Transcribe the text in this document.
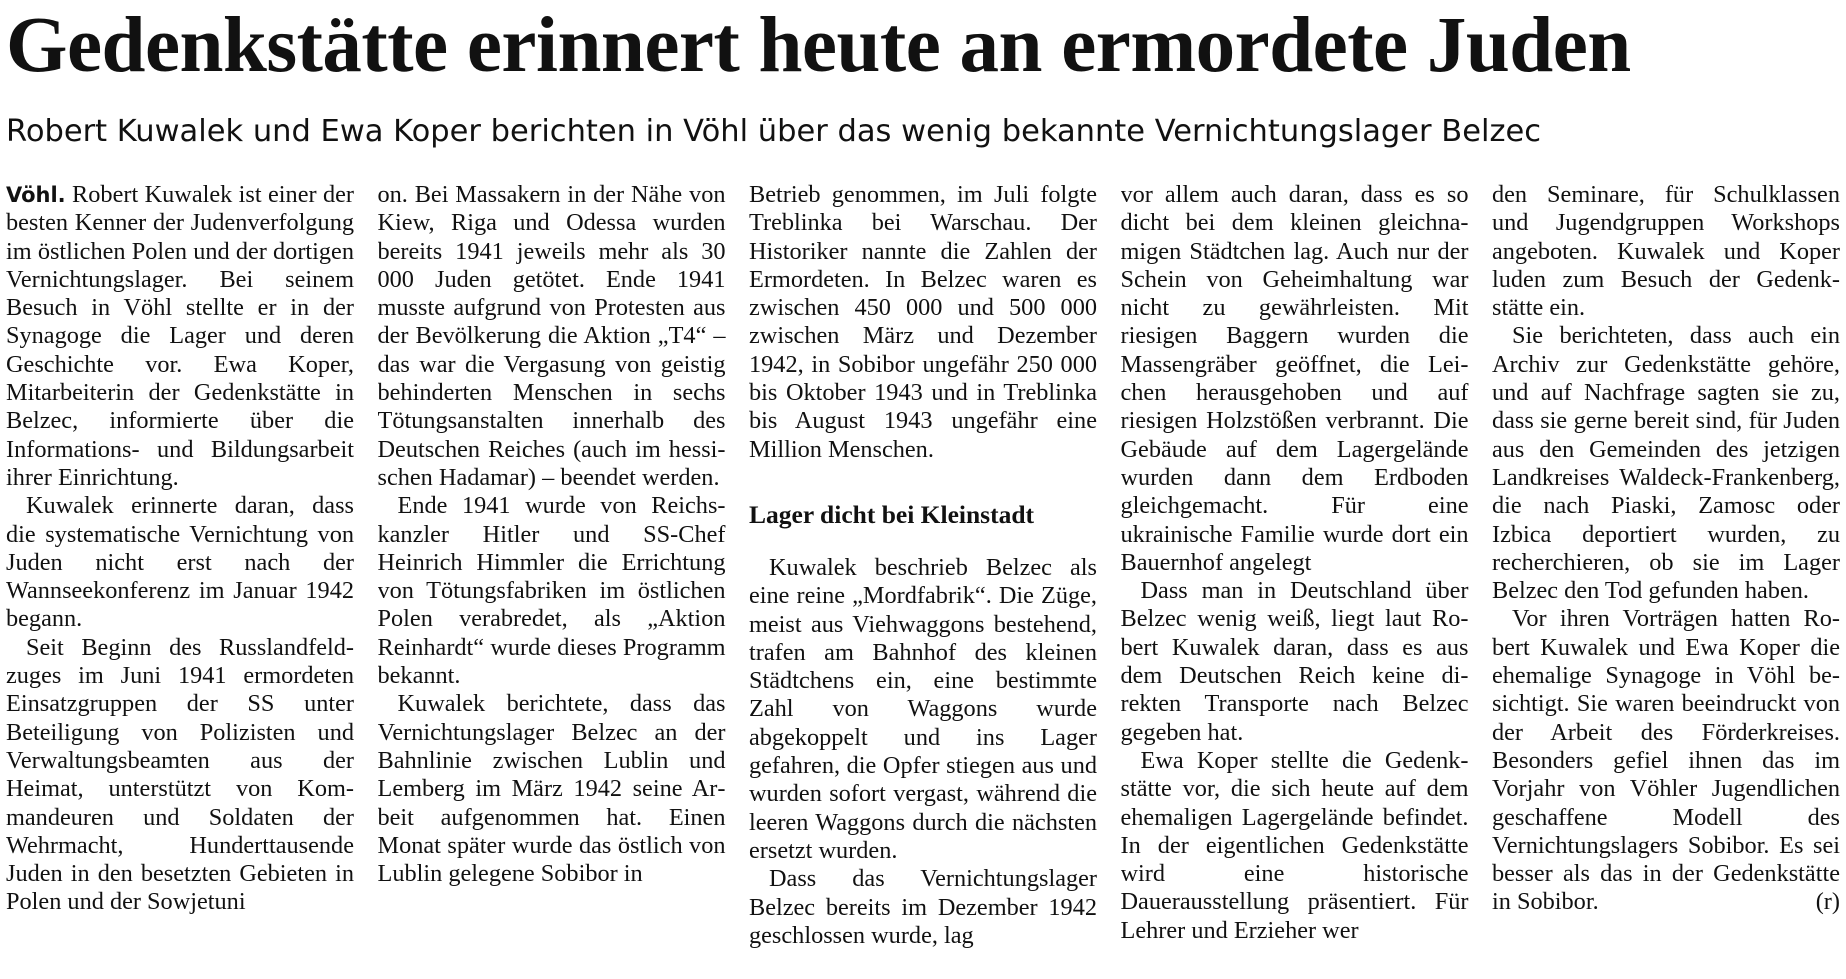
Gedenkstätte erinnert heute an ermordete Juden
Robert Kuwalek und Ewa Koper berichten in Vöhl über das wenig bekannte Vernichtungslager Belzec

Vöhl. Robert Kuwalek ist einer der besten Kenner der Judenverfolgung im östlichen Polen und der dortigen Vernichtungslager. Bei seinem Besuch in Vöhl stellte er in der Synagoge die Lager und deren Geschichte vor. Ewa Koper, Mitarbeiterin der Gedenkstätte in Belzec, informierte über die Informations- und Bildungsarbeit ihrer Einrichtung.

Kuwalek erinnerte daran, dass die systematische Vernichtung von Juden nicht erst nach der Wannseekonferenz im Januar 1942 begann.

Seit Beginn des Russlandfeldzuges im Juni 1941 ermordeten Einsatzgruppen der SS unter Beteiligung von Polizisten und Verwaltungsbeamten aus der Heimat, unterstützt von Kommandeuren und Soldaten der Wehrmacht, Hunderttausende Juden in den besetzten Gebieten in Polen und der Sowjetuni

on. Bei Massakern in der Nähe von Kiew, Riga und Odessa wurden bereits 1941 jeweils mehr als 30 000 Juden getötet. Ende 1941 musste aufgrund von Protesten aus der Bevölkerung die Aktion „T4“ – das war die Vergasung von geistig behinderten Menschen in sechs Tötungsanstalten innerhalb des Deutschen Reiches (auch im hessischen Hadamar) – beendet werden.

Ende 1941 wurde von Reichskanzler Hitler und SS-Chef Heinrich Himmler die Errichtung von Tötungsfabriken im östlichen Polen verabredet, als „Aktion Reinhardt“ wurde dieses Programm bekannt.

Kuwalek berichtete, dass das Vernichtungslager Belzec an der Bahnlinie zwischen Lublin und Lemberg im März 1942 seine Arbeit aufgenommen hat. Einen Monat später wurde das östlich von Lublin gelegene Sobibor in

Betrieb genommen, im Juli folgte Treblinka bei Warschau. Der Historiker nannte die Zahlen der Ermordeten. In Belzec waren es zwischen 450 000 und 500 000 zwischen März und Dezember 1942, in Sobibor ungefähr 250 000 bis Oktober 1943 und in Treblinka bis August 1943 ungefähr eine Million Menschen.

Lager dicht bei Kleinstadt

Kuwalek beschrieb Belzec als eine reine „Mordfabrik“. Die Züge, meist aus Viehwaggons bestehend, trafen am Bahnhof des kleinen Städtchens ein, eine bestimmte Zahl von Waggons wurde abgekoppelt und ins Lager gefahren, die Opfer stiegen aus und wurden sofort vergast, während die leeren Waggons durch die nächsten ersetzt wurden.

Dass das Vernichtungslager Belzec bereits im Dezember 1942 geschlossen wurde, lag

vor allem auch daran, dass es so dicht bei dem kleinen gleichnamigen Städtchen lag. Auch nur der Schein von Geheimhaltung war nicht zu gewährleisten. Mit riesigen Baggern wurden die Massengräber geöffnet, die Leichen herausgehoben und auf riesigen Holzstößen verbrannt. Die Gebäude auf dem Lagergelände wurden dann dem Erdboden gleichgemacht. Für eine ukrainische Familie wurde dort ein Bauernhof angelegt

Dass man in Deutschland über Belzec wenig weiß, liegt laut Robert Kuwalek daran, dass es aus dem Deutschen Reich keine direkten Transporte nach Belzec gegeben hat.

Ewa Koper stellte die Gedenkstätte vor, die sich heute auf dem ehemaligen Lagergelände befindet. In der eigentlichen Gedenkstätte wird eine historische Dauerausstellung präsentiert. Für Lehrer und Erzieher wer

den Seminare, für Schulklassen und Jugendgruppen Workshops angeboten. Kuwalek und Koper luden zum Besuch der Gedenkstätte ein.

Sie berichteten, dass auch ein Archiv zur Gedenkstätte gehöre, und auf Nachfrage sagten sie zu, dass sie gerne bereit sind, für Juden aus den Gemeinden des jetzigen Landkreises Waldeck-Frankenberg, die nach Piaski, Zamosc oder Izbica deportiert wurden, zu recherchieren, ob sie im Lager Belzec den Tod gefunden haben.

Vor ihren Vorträgen hatten Robert Kuwalek und Ewa Koper die ehemalige Synagoge in Vöhl besichtigt. Sie waren beeindruckt von der Arbeit des Förderkreises. Besonders gefiel ihnen das im Vorjahr von Vöhler Jugendlichen geschaffene Modell des Vernichtungslagers Sobibor. Es sei besser als das in der Gedenkstätte in Sobibor.	(r)
